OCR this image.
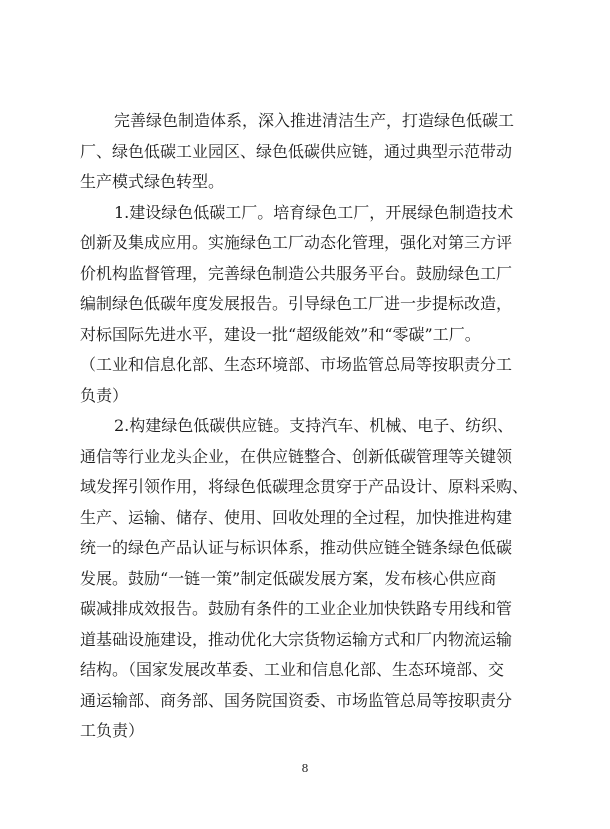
完善绿色制造体系，深入推进清洁生产，打造绿色低碳工
厂、绿色低碳工业园区、绿色低碳供应链，通过典型示范带动
生产模式绿色转型。
1.建设绿色低碳工厂。培育绿色工厂，开展绿色制造技术
创新及集成应用。实施绿色工厂动态化管理，强化对第三方评
价机构监督管理，完善绿色制造公共服务平台。鼓励绿色工厂
编制绿色低碳年度发展报告。引导绿色工厂进一步提标改造，
对标国际先进水平，建设一批“超级能效”和“零碳”工厂。
（工业和信息化部、生态环境部、市场监管总局等按职责分工
负责）
2.构建绿色低碳供应链。支持汽车、机械、电子、纺织、
通信等行业龙头企业，在供应链整合、创新低碳管理等关键领
域发挥引领作用，将绿色低碳理念贯穿于产品设计、原料采购、
生产、运输、储存、使用、回收处理的全过程，加快推进构建
统一的绿色产品认证与标识体系，推动供应链全链条绿色低碳
发展。鼓励“一链一策”制定低碳发展方案，发布核心供应商
碳减排成效报告。鼓励有条件的工业企业加快铁路专用线和管
道基础设施建设，推动优化大宗货物运输方式和厂内物流运输
结构。（国家发展改革委、工业和信息化部、生态环境部、交
通运输部、商务部、国务院国资委、市场监管总局等按职责分
工负责）
8
